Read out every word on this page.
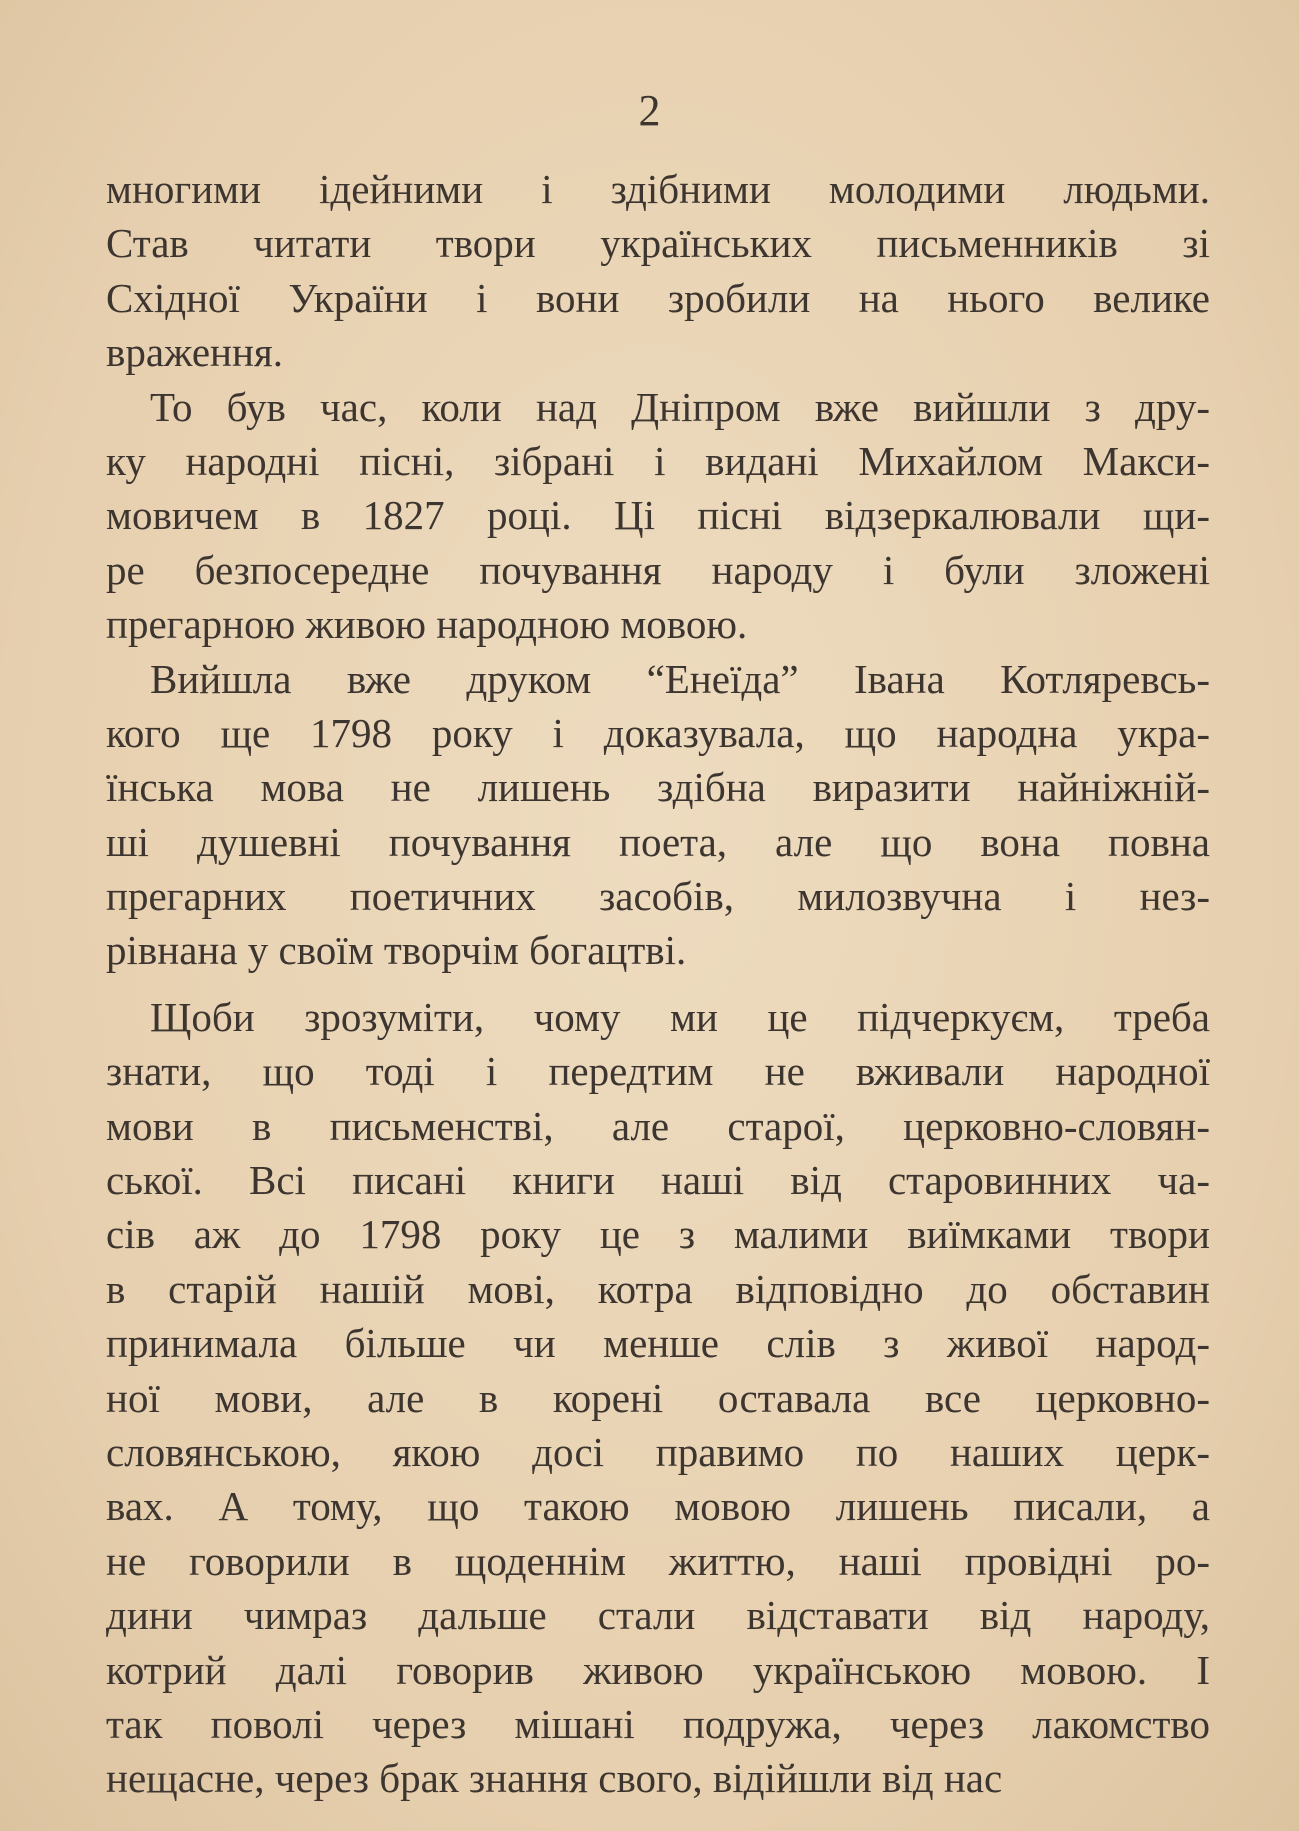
2
многими ідейними і здібними молодими людьми.
Став читати твори українських письменників зі
Східної України і вони зробили на нього велике
враження.
То був час, коли над Дніпром вже вийшли з дру-
ку народні пісні, зібрані і видані Михайлом Макси-
мовичем в 1827 році. Ці пісні відзеркалювали щи-
ре безпосередне почування народу і були зложені
прегарною живою народною мовою.
Вийшла вже друком “Енеїда” Івана Котляревсь-
кого ще 1798 року і доказувала, що народна укра-
їнська мова не лишень здібна виразити найніжній-
ші душевні почування поета, але що вона повна
прегарних поетичних засобів, милозвучна і нез-
рівнана у своїм творчім богацтві.
Щоби зрозуміти, чому ми це підчеркуєм, треба
знати, що тоді і передтим не вживали народної
мови в письменстві, але старої, церковно-словян-
ської. Всі писані книги наші від старовинних ча-
сів аж до 1798 року це з малими виїмками твори
в старій нашій мові, котра відповідно до обставин
принимала більше чи менше слів з живої народ-
ної мови, але в корені оставала все церковно-
словянською, якою досі правимо по наших церк-
вах. А тому, що такою мовою лишень писали, а
не говорили в щоденнім життю, наші провідні ро-
дини чимраз дальше стали відставати від народу,
котрий далі говорив живою українською мовою. І
так поволі через мішані подружа, через лакомство
нещасне, через брак знання свого, відійшли від нас
